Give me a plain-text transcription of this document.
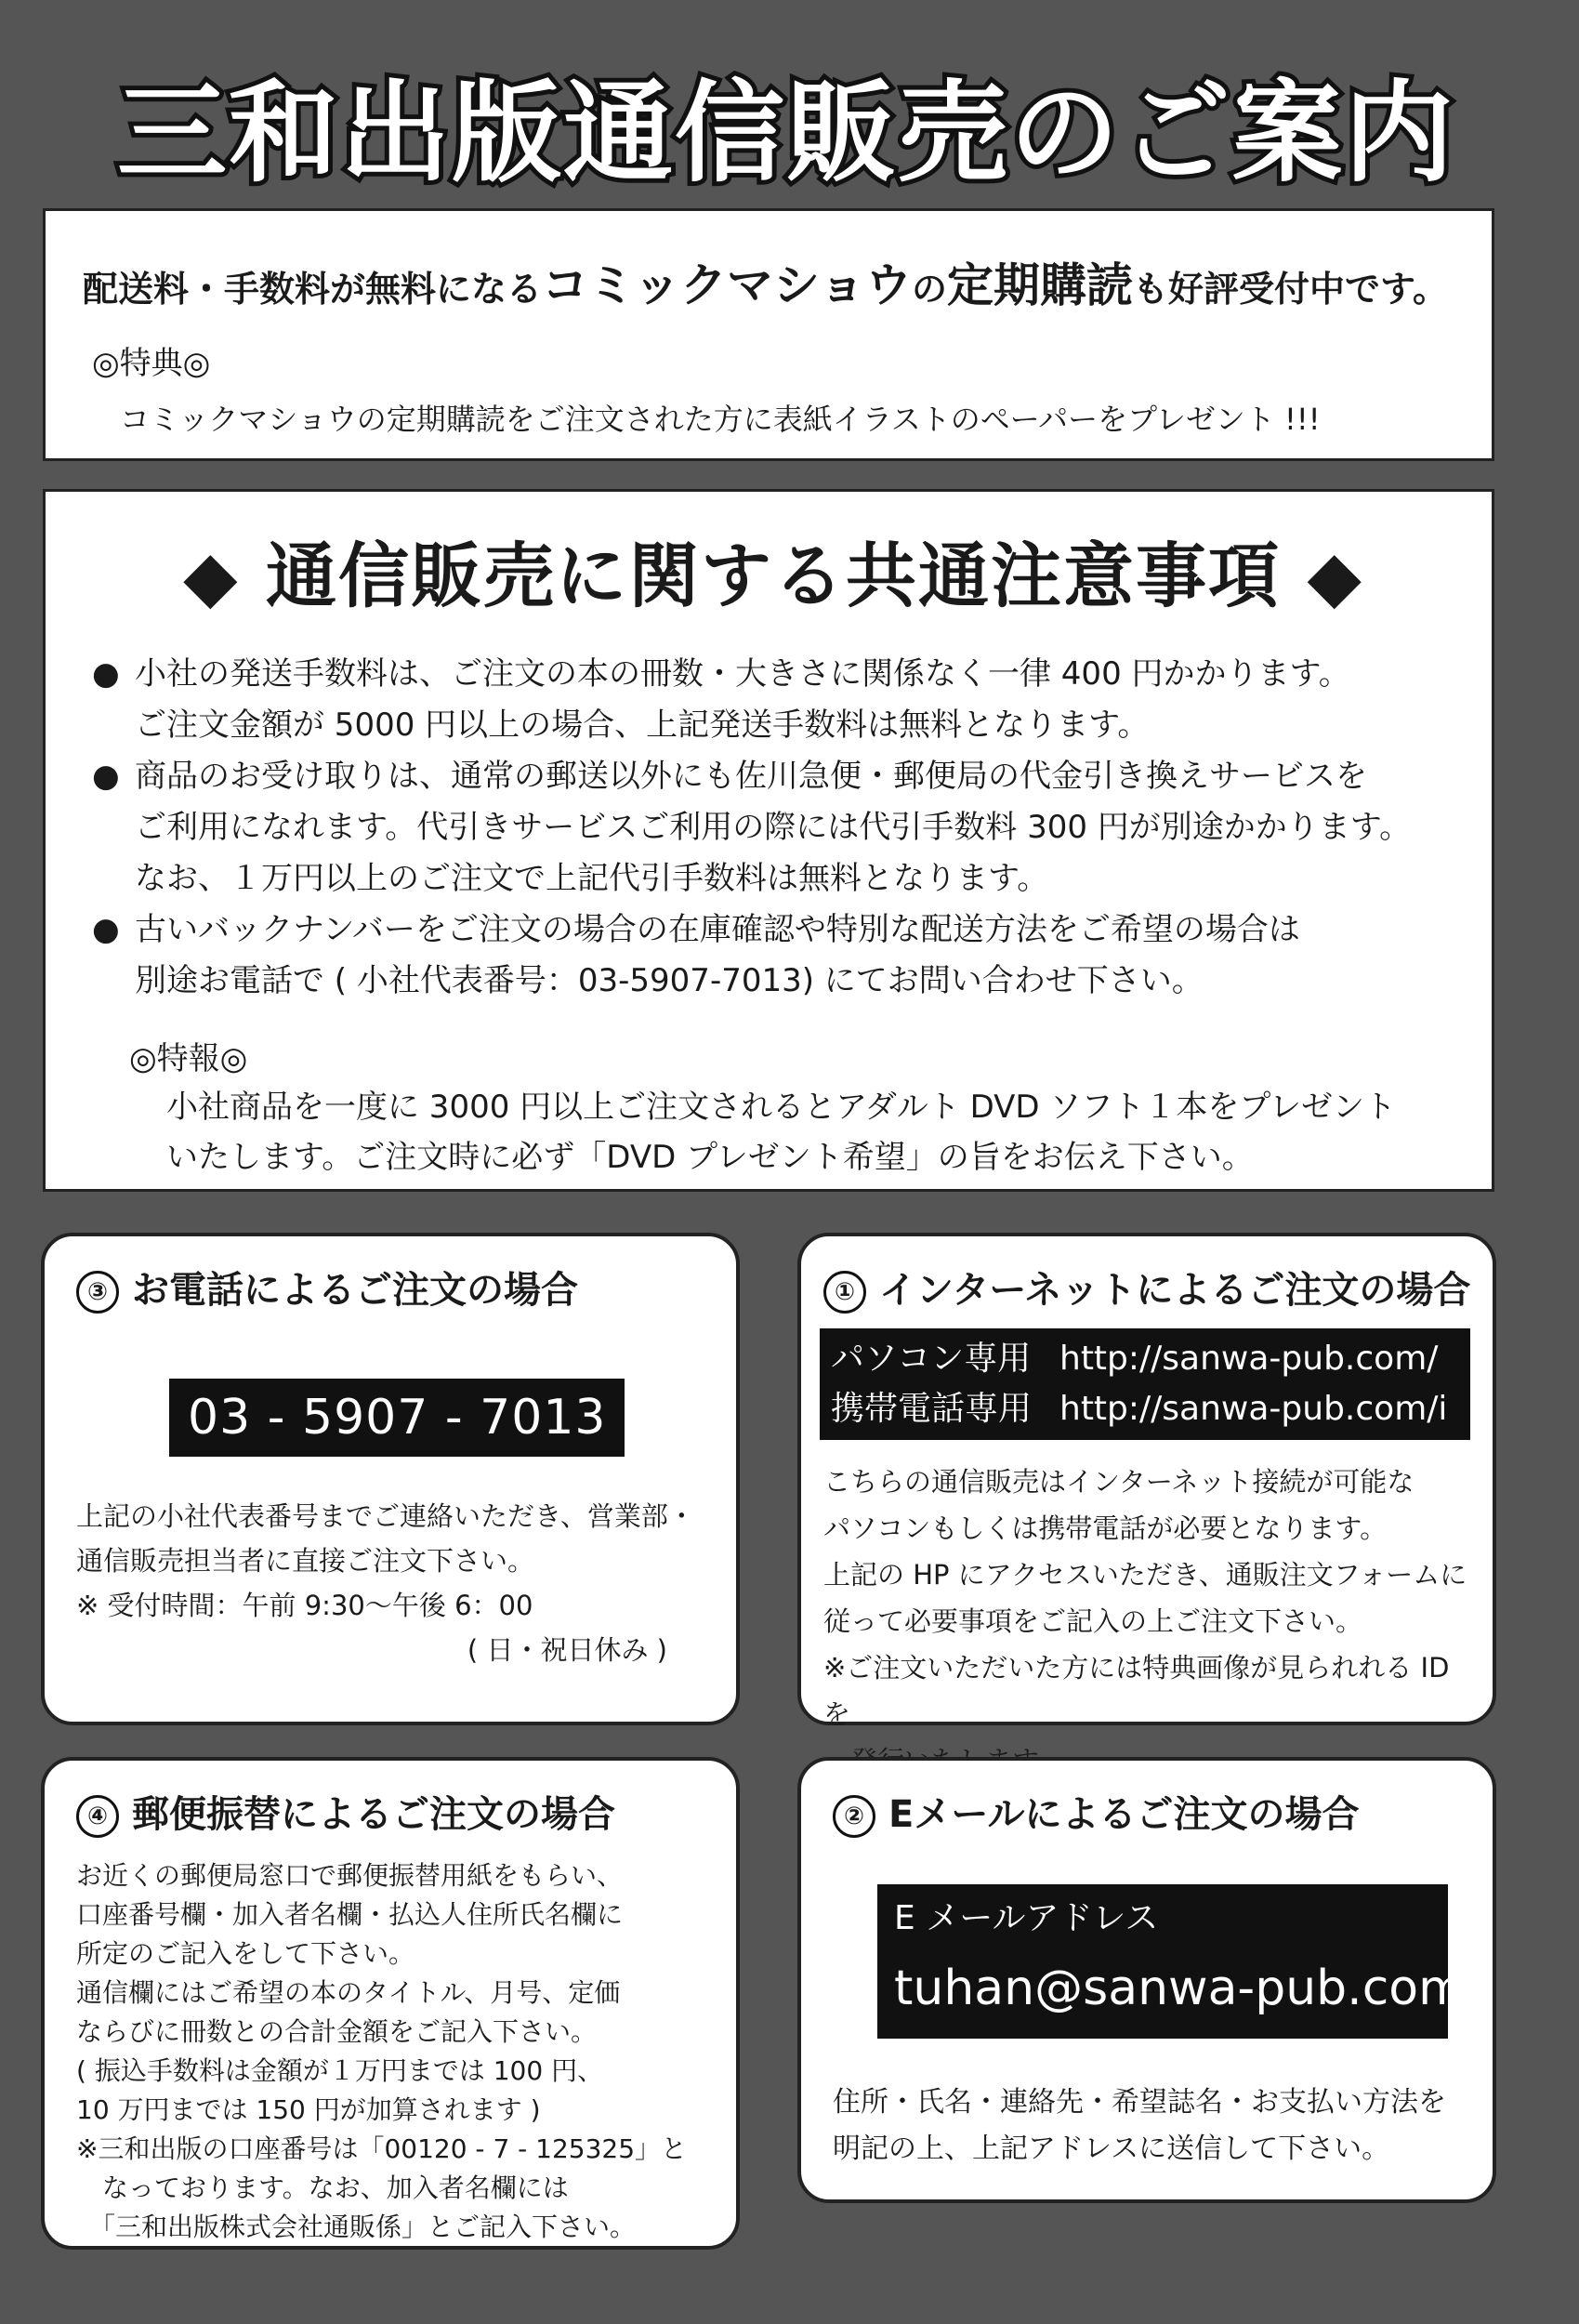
三和出版通信販売のご案内
配送料・手数料が無料になるコミックマショウの定期購読も好評受付中です。
◎特典◎
コミックマショウの定期購読をご注文された方に表紙イラストのペーパーをプレゼント !!!
◆ 通信販売に関する共通注意事項 ◆
● 小社の発送手数料は、ご注文の本の冊数・大きさに関係なく一律 400 円かかります。
ご注文金額が 5000 円以上の場合、上記発送手数料は無料となります。
● 商品のお受け取りは、通常の郵送以外にも佐川急便・郵便局の代金引き換えサービスを
ご利用になれます。代引きサービスご利用の際には代引手数料 300 円が別途かかります。
なお、１万円以上のご注文で上記代引手数料は無料となります。
● 古いバックナンバーをご注文の場合の在庫確認や特別な配送方法をご希望の場合は
別途お電話で ( 小社代表番号：03-5907-7013) にてお問い合わせ下さい。
◎特報◎
小社商品を一度に 3000 円以上ご注文されるとアダルト DVD ソフト１本をプレゼント
いたします。ご注文時に必ず「DVD プレゼント希望」の旨をお伝え下さい。
③ お電話によるご注文の場合
03 - 5907 - 7013
上記の小社代表番号までご連絡いただき、営業部・
通信販売担当者に直接ご注文下さい。
※ 受付時間：午前 9:30〜午後 6：00
( 日・祝日休み )
① インターネットによるご注文の場合
パソコン専用 http://sanwa-pub.com/
携帯電話専用 http://sanwa-pub.com/i
こちらの通信販売はインターネット接続が可能な
パソコンもしくは携帯電話が必要となります。
上記の HP にアクセスいただき、通販注文フォームに
従って必要事項をご記入の上ご注文下さい。
※ご注文いただいた方には特典画像が見られれる ID を

④ 郵便振替によるご注文の場合
お近くの郵便局窓口で郵便振替用紙をもらい、
口座番号欄・加入者名欄・払込人住所氏名欄に
所定のご記入をして下さい。
通信欄にはご希望の本のタイトル、月号、定価
ならびに冊数との合計金額をご記入下さい。
( 振込手数料は金額が１万円までは 100 円、
10 万円までは 150 円が加算されます )
※三和出版の口座番号は「00120 - 7 - 125325」と
　なっております。なお、加入者名欄には
　「三和出版株式会社通販係」とご記入下さい。
② Eメールによるご注文の場合
E メールアドレス
tuhan@sanwa-pub.com
住所・氏名・連絡先・希望誌名・お支払い方法を
明記の上、上記アドレスに送信して下さい。
